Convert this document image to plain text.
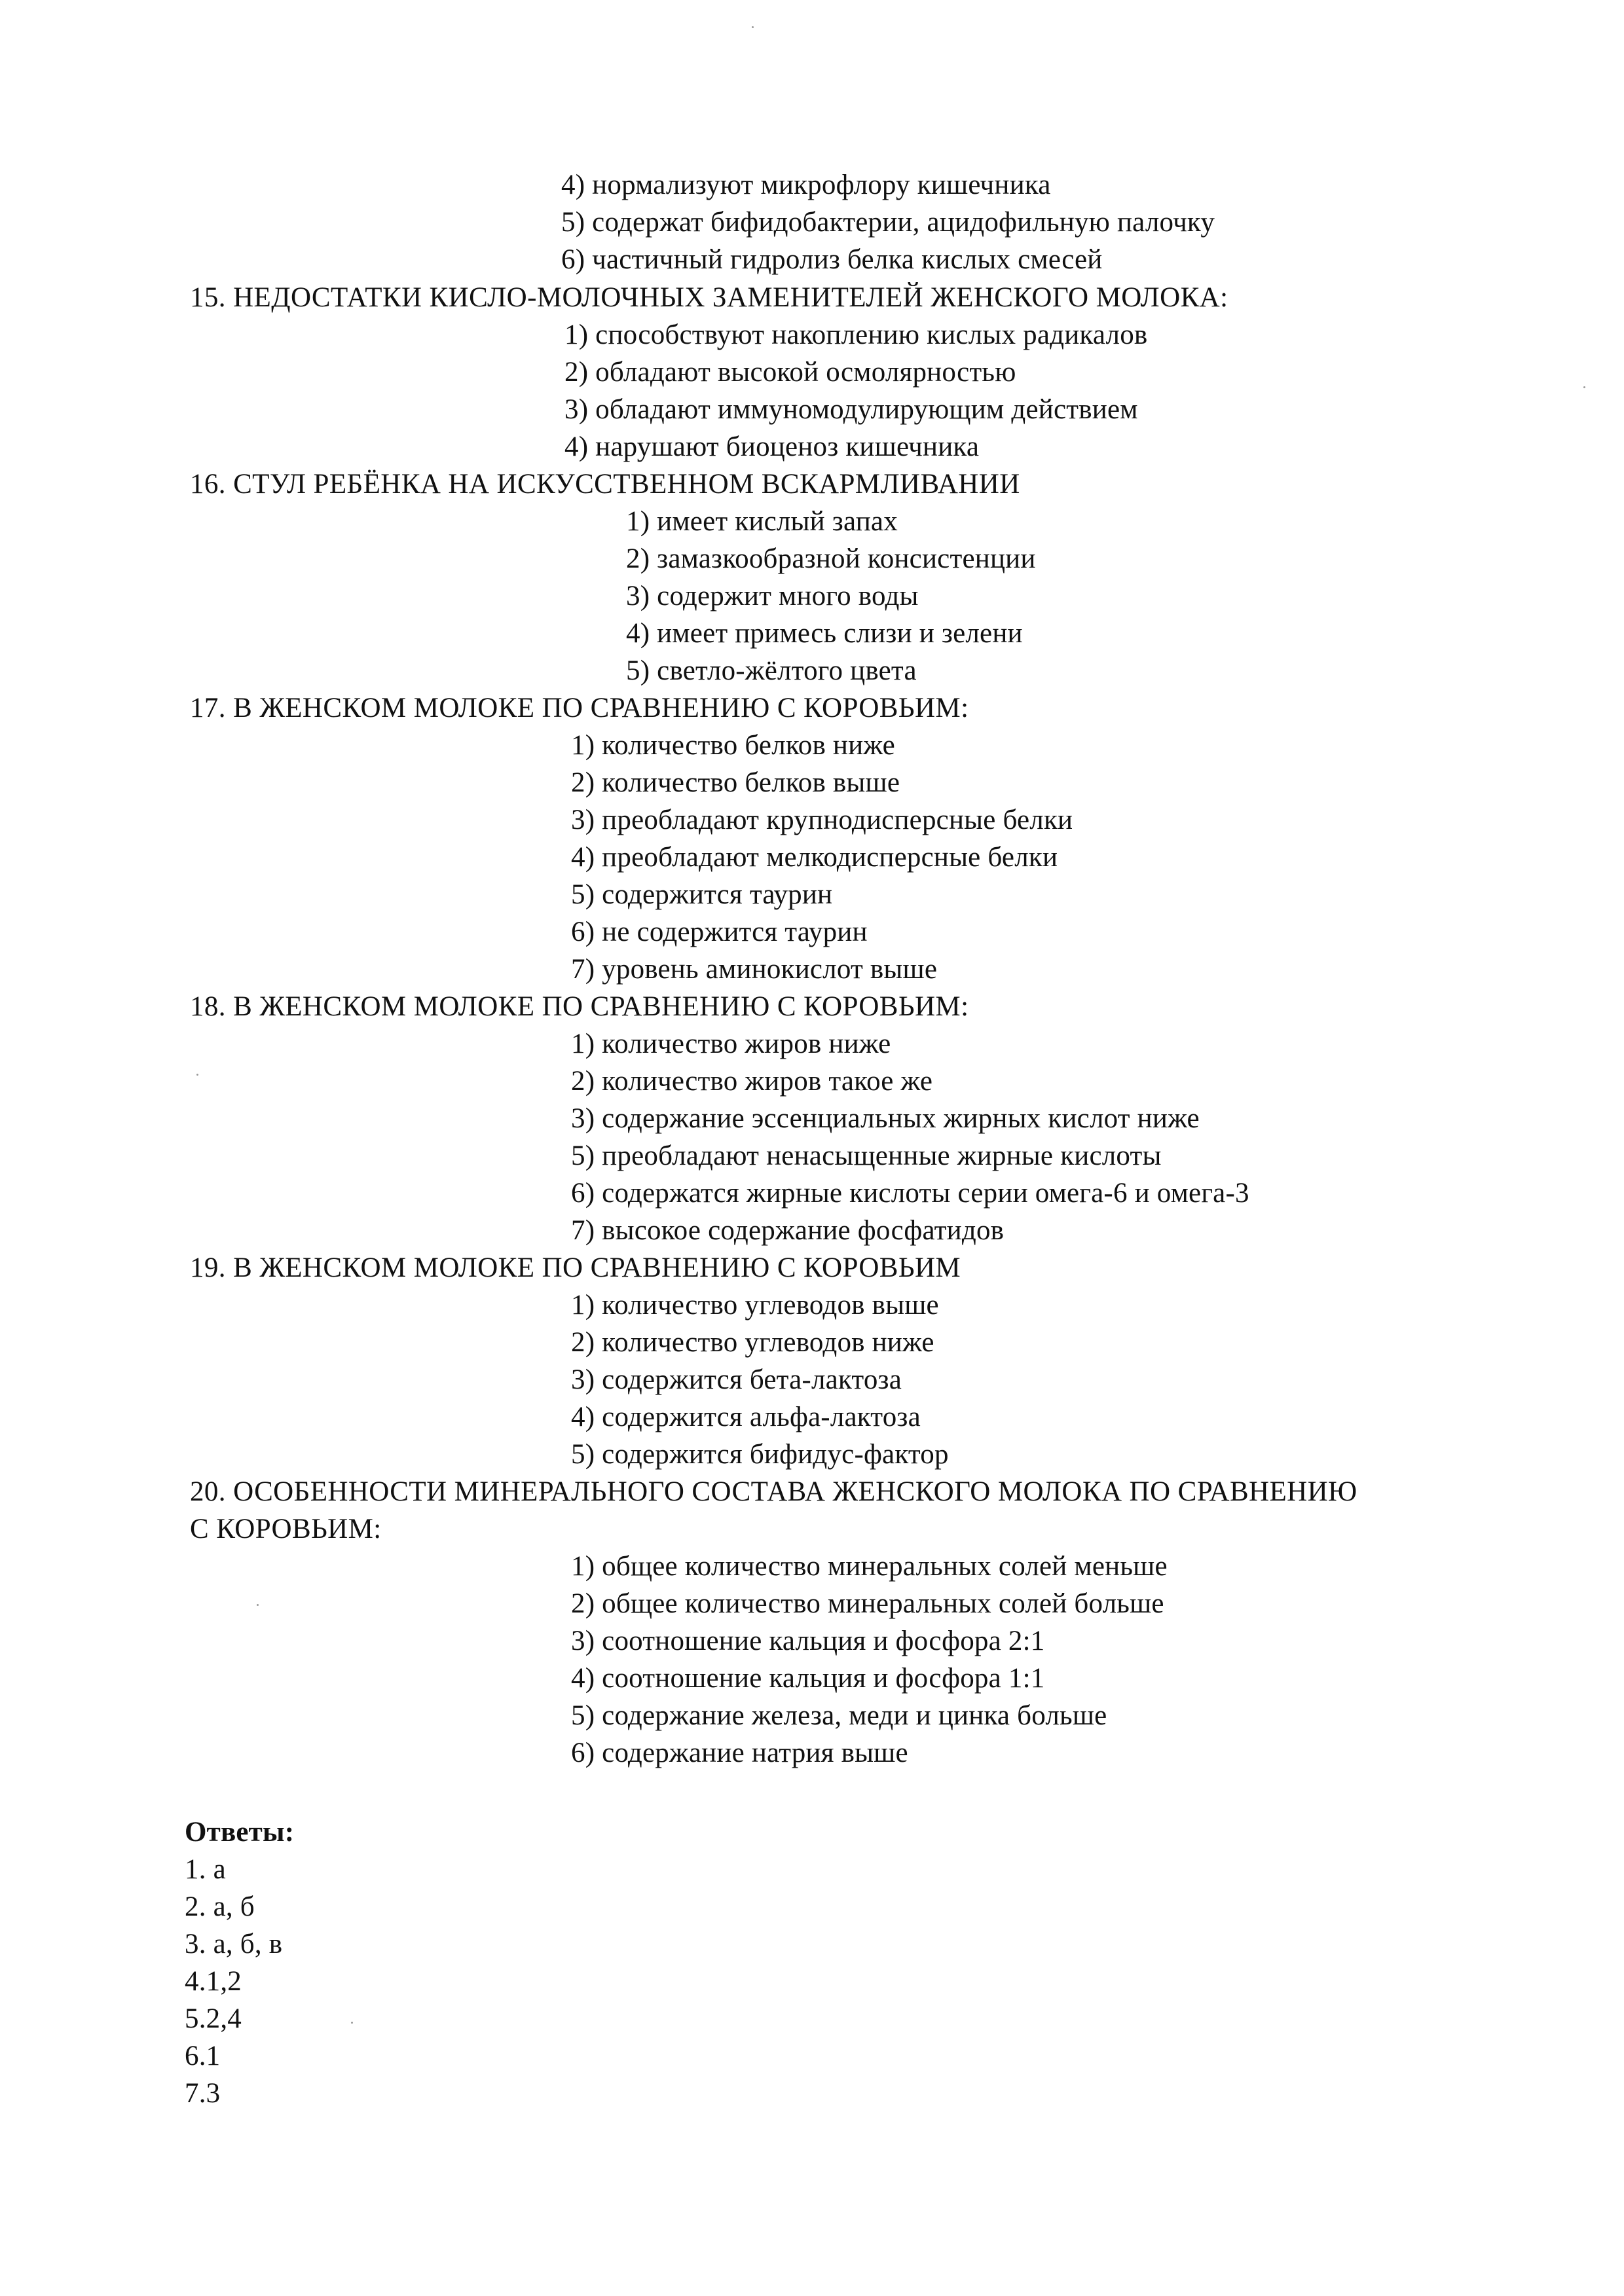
4) нормализуют микрофлору кишечника
5) содержат бифидобактерии, ацидофильную палочку
6) частичный гидролиз белка кислых смесей
15. НЕДОСТАТКИ КИСЛО-МОЛОЧНЫХ ЗАМЕНИТЕЛЕЙ ЖЕНСКОГО МОЛОКА:
1) способствуют накоплению кислых радикалов
2) обладают высокой осмолярностью
3) обладают иммуномодулирующим действием
4) нарушают биоценоз кишечника
16. СТУЛ РЕБЁНКА НА ИСКУССТВЕННОМ ВСКАРМЛИВАНИИ
1) имеет кислый запах
2) замазкообразной консистенции
3) содержит много воды
4) имеет примесь слизи и зелени
5) светло-жёлтого цвета
17. В ЖЕНСКОМ МОЛОКЕ ПО СРАВНЕНИЮ С КОРОВЬИМ:
1) количество белков ниже
2) количество белков выше
3) преобладают крупнодисперсные белки
4) преобладают мелкодисперсные белки
5) содержится таурин
6) не содержится таурин
7) уровень аминокислот выше
18. В ЖЕНСКОМ МОЛОКЕ ПО СРАВНЕНИЮ С КОРОВЬИМ:
1) количество жиров ниже
2) количество жиров такое же
3) содержание эссенциальных жирных кислот ниже
5) преобладают ненасыщенные жирные кислоты
6) содержатся жирные кислоты серии омега-6 и омега-3
7) высокое содержание фосфатидов
19. В ЖЕНСКОМ МОЛОКЕ ПО СРАВНЕНИЮ С КОРОВЬИМ
1) количество углеводов выше
2) количество углеводов ниже
3) содержится бета-лактоза
4) содержится альфа-лактоза
5) содержится бифидус-фактор
20. ОСОБЕННОСТИ МИНЕРАЛЬНОГО СОСТАВА ЖЕНСКОГО МОЛОКА ПО СРАВНЕНИЮ
С КОРОВЬИМ:
1) общее количество минеральных солей меньше
2) общее количество минеральных солей больше
3) соотношение кальция и фосфора 2:1
4) соотношение кальция и фосфора 1:1
5) содержание железа, меди и цинка больше
6) содержание натрия выше
Ответы:
1. а
2. а, б
3. а, б, в
4.1,2
5.2,4
6.1
7.3
